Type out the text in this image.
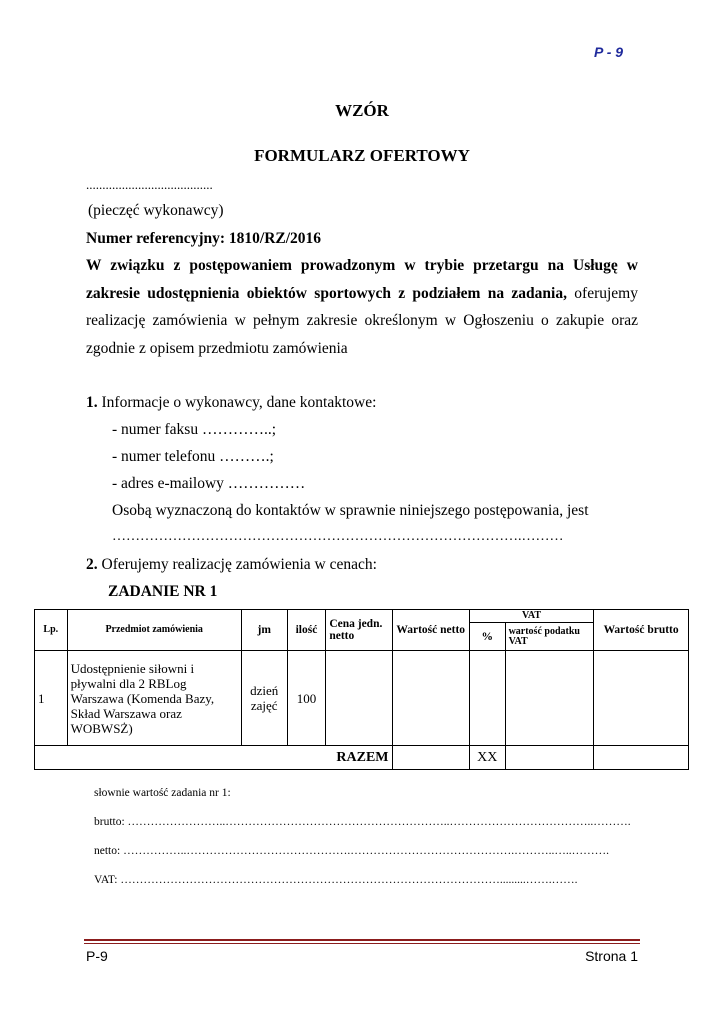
P - 9
WZÓR
FORMULARZ OFERTOWY
.......................................
(pieczęć wykonawcy)
Numer referencyjny: 1810/RZ/2016
W związku z postępowaniem prowadzonym w trybie przetargu na Usługę w zakresie udostępnienia obiektów sportowych z podziałem na zadania, oferujemy realizację zamówienia w pełnym zakresie określonym w Ogłoszeniu o zakupie oraz zgodnie z opisem przedmiotu zamówienia
1. Informacje o wykonawcy, dane kontaktowe:
- numer faksu …………..;
- numer telefonu ……….;
- adres e-mailowy ……………
Osobą wyznaczoną do kontaktów w sprawnie niniejszego postępowania, jest
…………………………………………………………………………….………
2. Oferujemy realizację zamówienia w cenach:
ZADANIE NR 1
Lp.	Przedmiot zamówienia	jm	ilość	Cena jedn. netto	Wartość netto	VAT		Wartość brutto
						%	wartość podatku VAT	
1	Udostępnienie siłowni i pływalni dla 2 RBLog Warszawa (Komenda Bazy, Skład Warszawa oraz WOBWSŻ)	dzień zajęć	100					
RAZEM						XX		
słownie wartość zadania nr 1:
brutto: ……………………..…………………………………………………..………………………………..……….
netto: ……………..…………………………………….…………………………………….………..…..……….
VAT: ……………………………………………………………………………………….........…….…….
P-9	Strona 1
